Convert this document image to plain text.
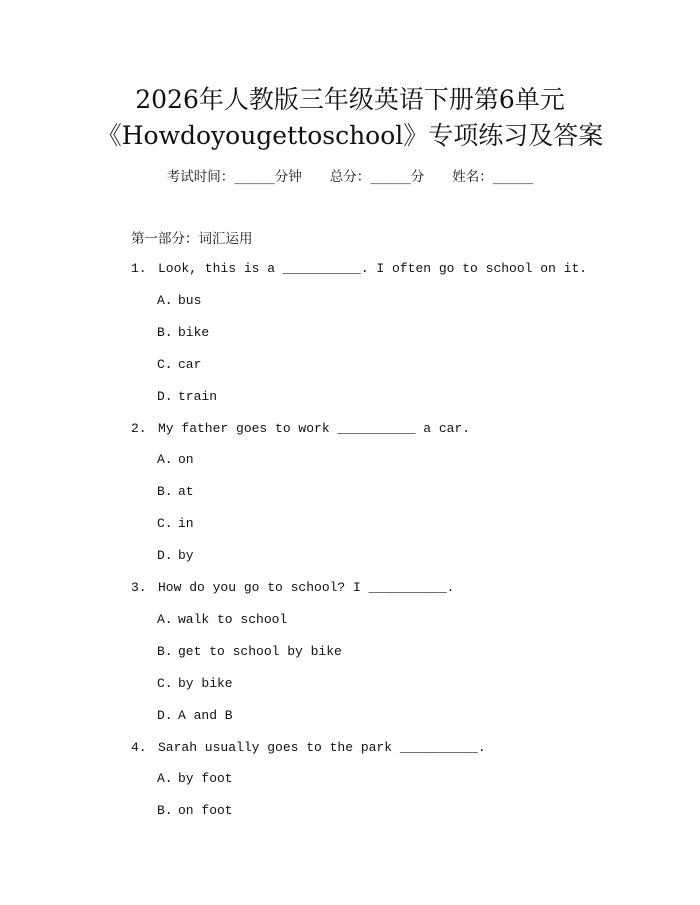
2026年人教版三年级英语下册第6单元
《Howdoyougettoschool》专项练习及答案
考试时间：______分钟 总分：______分 姓名：______
第一部分：词汇运用
1. Look, this is a __________. I often go to school on it.
A. bus
B. bike
C. car
D. train
2. My father goes to work __________ a car.
A. on
B. at
C. in
D. by
3. How do you go to school? I __________.
A. walk to school
B. get to school by bike
C. by bike
D. A and B
4. Sarah usually goes to the park __________.
A. by foot
B. on foot
